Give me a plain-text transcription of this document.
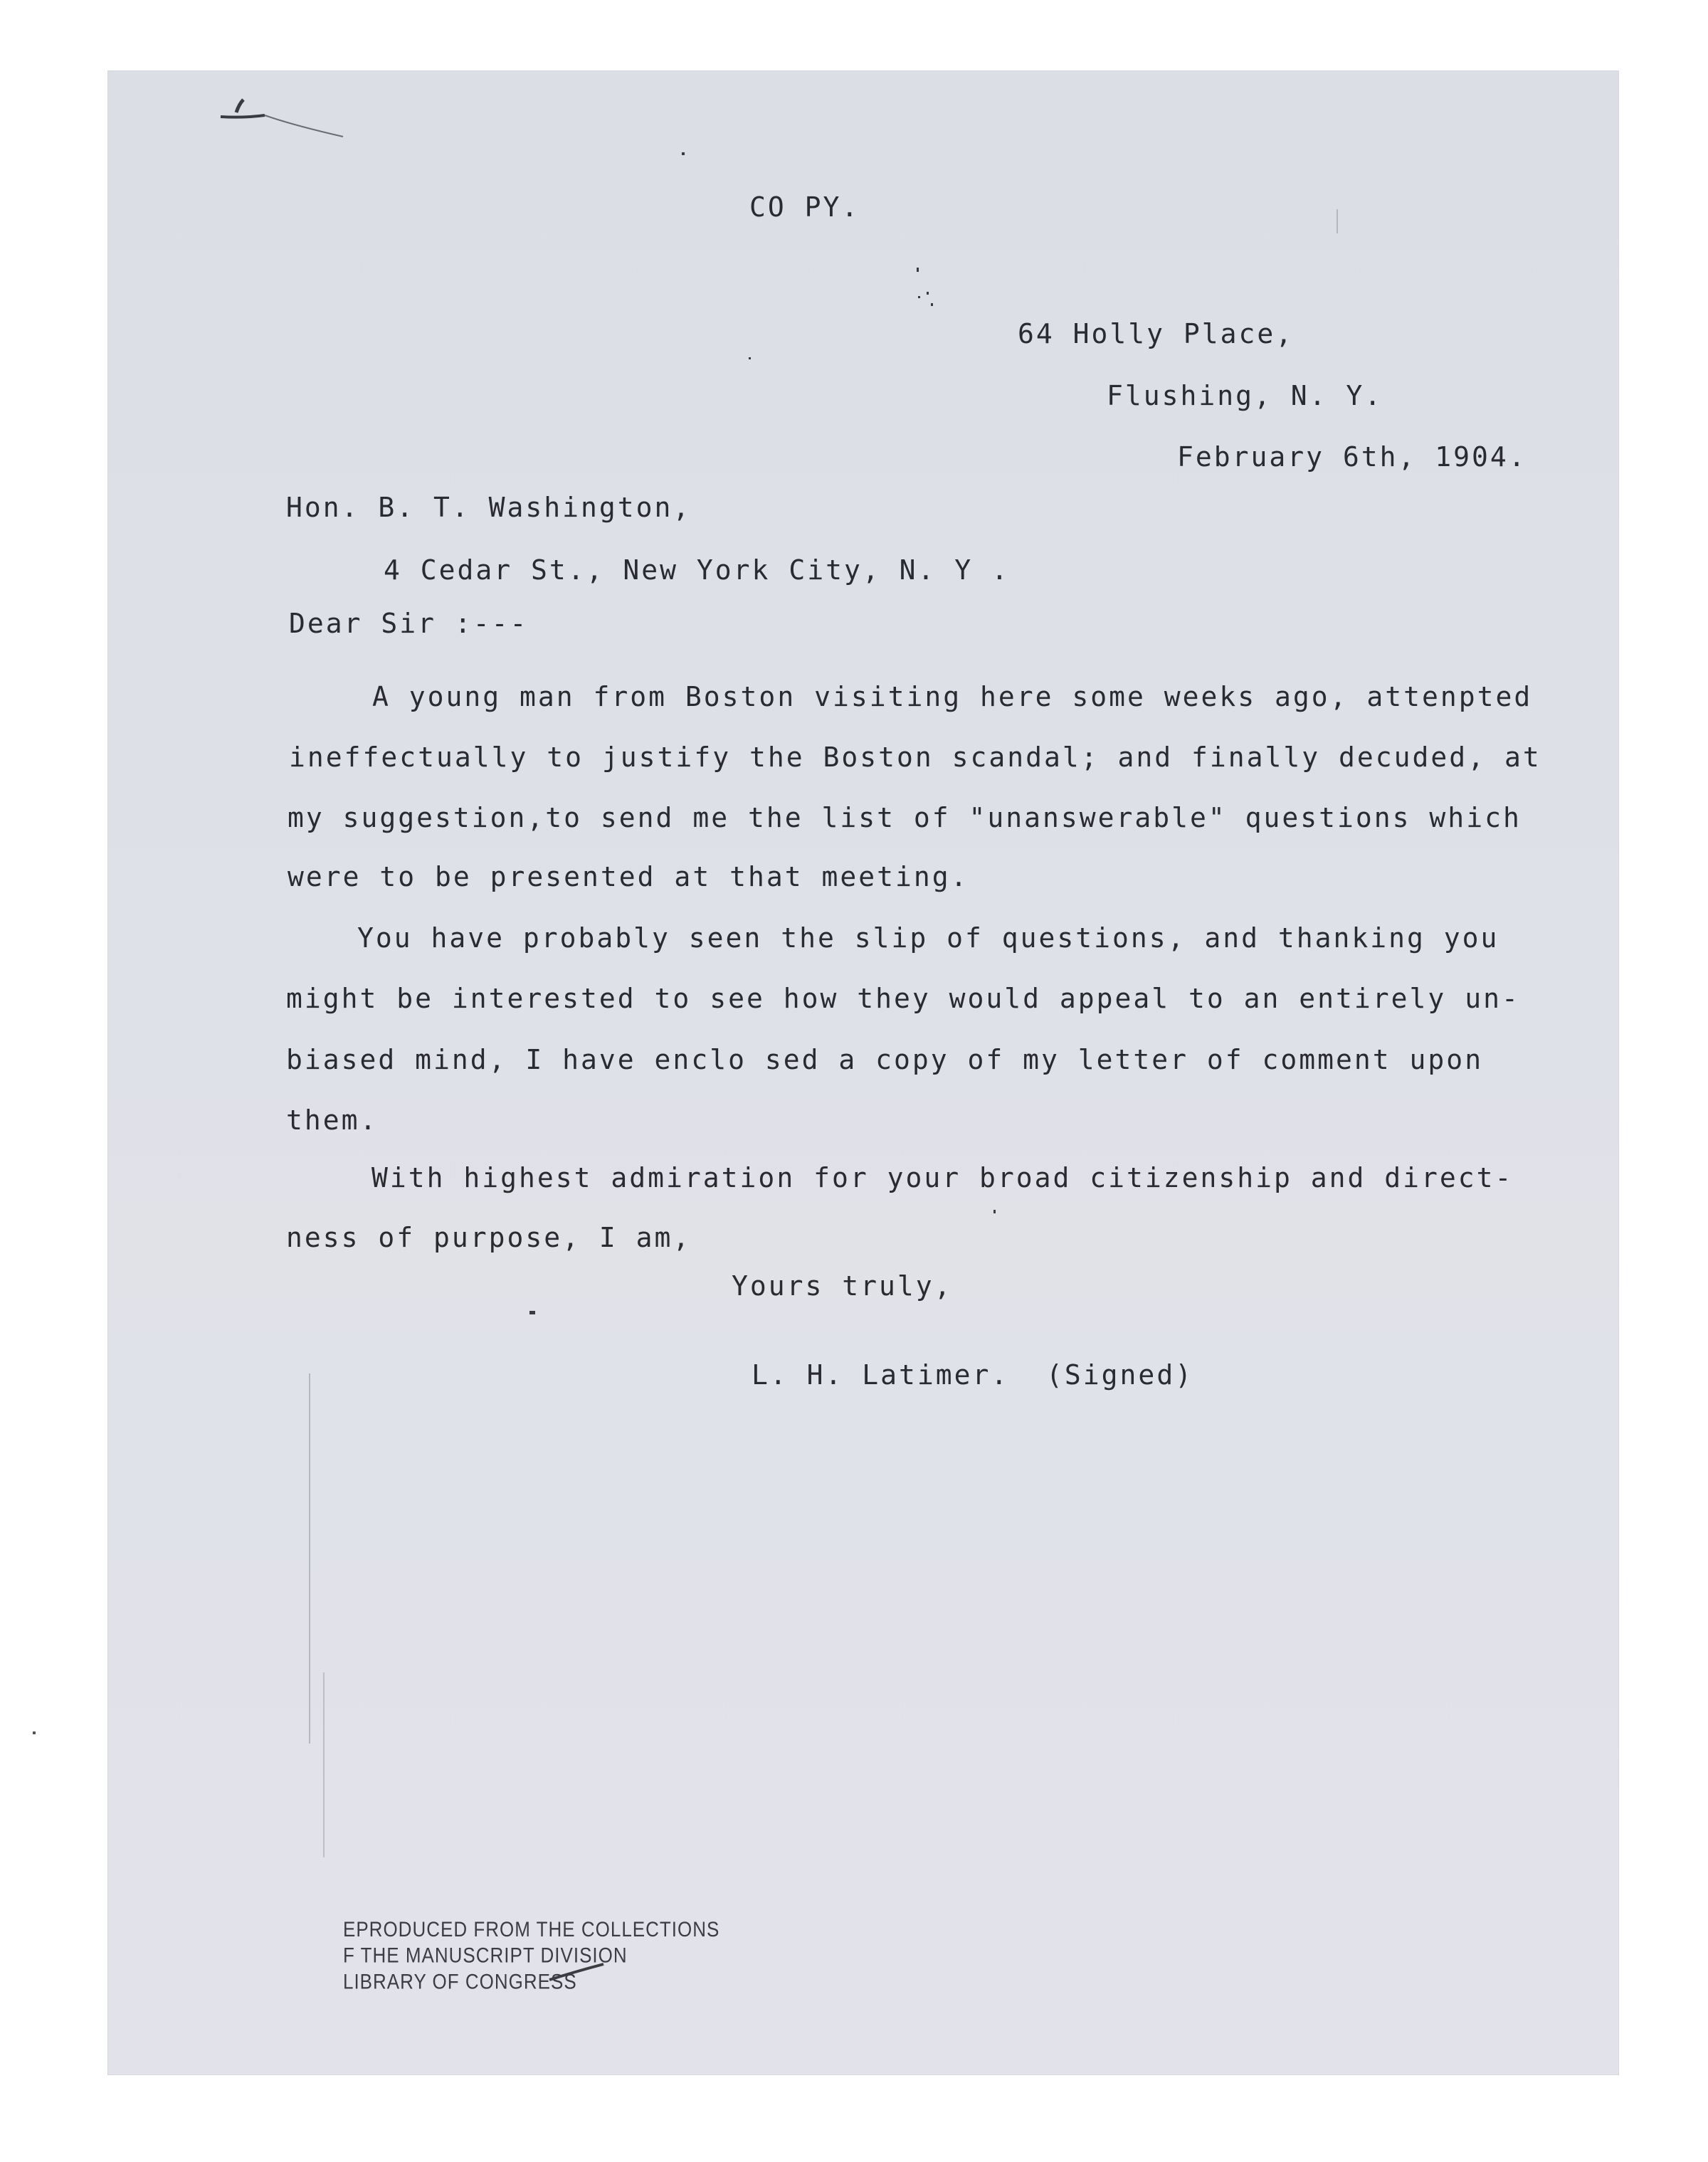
CO PY.

64 Holly Place,

Flushing, N. Y.

February 6th, 1904.

Hon. B. T. Washington,

4 Cedar St., New York City, N. Y .

Dear Sir :---

A young man from Boston visiting here some weeks ago, attenpted

ineffectually to justify the Boston scandal; and finally decuded, at

my suggestion,to send me the list of "unanswerable" questions which

were to be presented at that meeting.

You have probably seen the slip of questions, and thanking you

might be interested to see how they would appeal to an entirely un-

biased mind, I have enclo sed a copy of my letter of comment upon

them.

With highest admiration for your broad citizenship and direct-

ness of purpose, I am,

Yours truly,

L. H. Latimer.  (Signed)

EPRODUCED FROM THE COLLECTIONS
F THE MANUSCRIPT DIVISION
LIBRARY OF CONGRESS
